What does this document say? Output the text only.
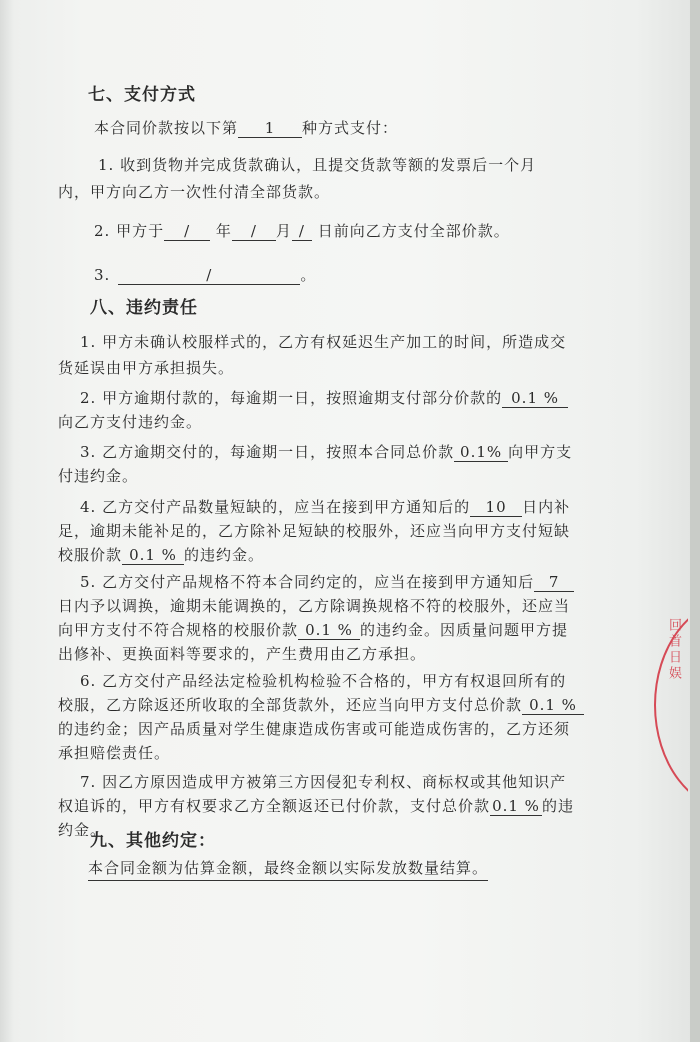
七、支付方式
本合同价款按以下第 1 种方式支付：
1. 收到货物并完成货款确认，且提交货款等额的发票后一个月
内，甲方向乙方一次性付清全部货款。
2. 甲方于 / 年 / 月 / 日前向乙方支付全部价款。
3.	/	。
八、违约责任
1. 甲方未确认校服样式的，乙方有权延迟生产加工的时间，所造成交
货延误由甲方承担损失。
2. 甲方逾期付款的，每逾期一日，按照逾期支付部分价款的 0.1 %
向乙方支付违约金。
3. 乙方逾期交付的，每逾期一日，按照本合同总价款 0.1% 向甲方支
付违约金。
4. 乙方交付产品数量短缺的，应当在接到甲方通知后的 10 日内补
足，逾期未能补足的，乙方除补足短缺的校服外，还应当向甲方支付短缺
校服价款 0.1 % 的违约金。
5. 乙方交付产品规格不符本合同约定的，应当在接到甲方通知后 7
日内予以调换，逾期未能调换的，乙方除调换规格不符的校服外，还应当
向甲方支付不符合规格的校服价款 0.1 % 的违约金。因质量问题甲方提
出修补、更换面料等要求的，产生费用由乙方承担。
6. 乙方交付产品经法定检验机构检验不合格的，甲方有权退回所有的
校服，乙方除返还所收取的全部货款外，还应当向甲方支付总价款 0.1 %
的违约金；因产品质量对学生健康造成伤害或可能造成伤害的，乙方还须
承担赔偿责任。
7. 因乙方原因造成甲方被第三方因侵犯专利权、商标权或其他知识产
权追诉的，甲方有权要求乙方全额返还已付价款，支付总价款 0.1 % 的违
约金。
九、其他约定：
本合同金额为估算金额，最终金额以实际发放数量结算。
回首日娱
